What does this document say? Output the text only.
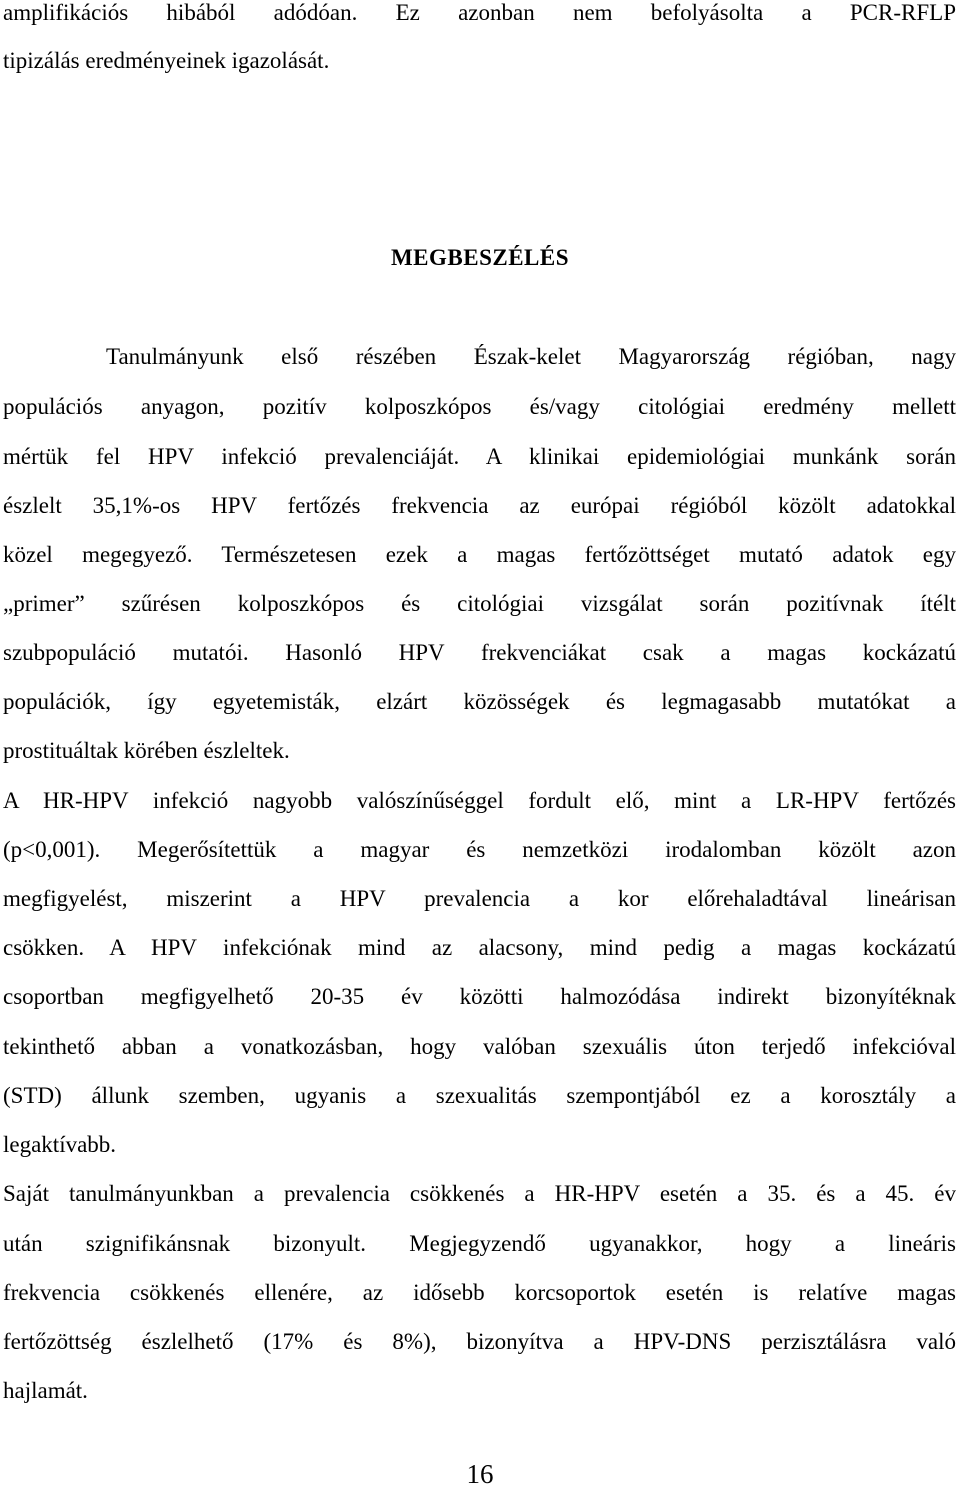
amplifikációs hibából adódóan. Ez azonban nem befolyásolta a PCR-RFLP
tipizálás eredményeinek igazolását.
MEGBESZÉLÉS
Tanulmányunk első részében Észak-kelet Magyarország régióban, nagy
populációs anyagon, pozitív kolposzkópos és/vagy citológiai eredmény mellett
mértük fel HPV infekció prevalenciáját. A klinikai epidemiológiai munkánk során
észlelt 35,1%-os HPV fertőzés frekvencia az európai régióból közölt adatokkal
közel megegyező. Természetesen ezek a magas fertőzöttséget mutató adatok egy
„primer” szűrésen kolposzkópos és citológiai vizsgálat során pozitívnak ítélt
szubpopuláció mutatói. Hasonló HPV frekvenciákat csak a magas kockázatú
populációk, így egyetemisták, elzárt közösségek és legmagasabb mutatókat a
prostituáltak körében észleltek.
A HR-HPV infekció nagyobb valószínűséggel fordult elő, mint a LR-HPV fertőzés
(p<0,001). Megerősítettük a magyar és nemzetközi irodalomban közölt azon
megfigyelést, miszerint a HPV prevalencia a kor előrehaladtával lineárisan
csökken. A HPV infekciónak mind az alacsony, mind pedig a magas kockázatú
csoportban megfigyelhető 20-35 év közötti halmozódása indirekt bizonyítéknak
tekinthető abban a vonatkozásban, hogy valóban szexuális úton terjedő infekcióval
(STD) állunk szemben, ugyanis a szexualitás szempontjából ez a korosztály a
legaktívabb.
Saját tanulmányunkban a prevalencia csökkenés a HR-HPV esetén a 35. és a 45. év
után szignifikánsnak bizonyult. Megjegyzendő ugyanakkor, hogy a lineáris
frekvencia csökkenés ellenére, az idősebb korcsoportok esetén is relatíve magas
fertőzöttség észlelhető (17% és 8%), bizonyítva a HPV-DNS perzisztálásra való
hajlamát.
16
